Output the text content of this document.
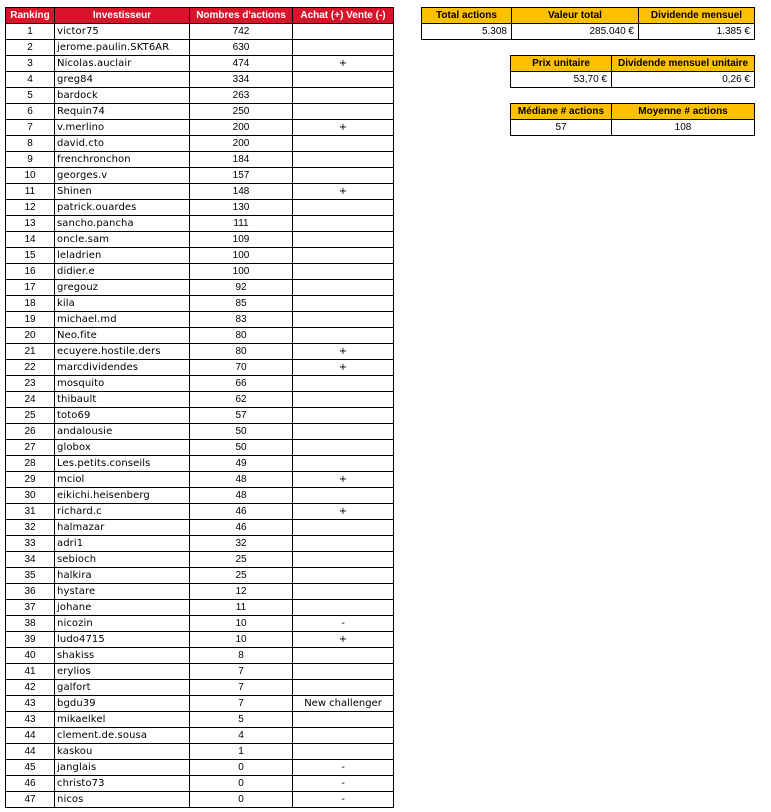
Ranking	Investisseur	Nombres d'actions	Achat (+) Vente (-)
1	victor75	742	
2	jerome.paulin.SKT6AR	630	
3	Nicolas.auclair	474	+
4	greg84	334	
5	bardock	263	
6	Requin74	250	
7	v.merlino	200	+
8	david.cto	200	
9	frenchronchon	184	
10	georges.v	157	
11	Shinen	148	+
12	patrick.ouardes	130	
13	sancho.pancha	111	
14	oncle.sam	109	
15	leladrien	100	
16	didier.e	100	
17	gregouz	92	
18	kila	85	
19	michael.md	83	
20	Neo.fite	80	
21	ecuyere.hostile.ders	80	+
22	marcdividendes	70	+
23	mosquito	66	
24	thibault	62	
25	toto69	57	
26	andalousie	50	
27	globox	50	
28	Les.petits.conseils	49	
29	mciol	48	+
30	eikichi.heisenberg	48	
31	richard.c	46	+
32	halmazar	46	
33	adri1	32	
34	sebioch	25	
35	halkira	25	
36	hystare	12	
37	johane	11	
38	nicozin	10	-
39	ludo4715	10	+
40	shakiss	8	
41	erylios	7	
42	galfort	7	
43	bgdu39	7	New challenger
43	mikaelkel	5	
44	clement.de.sousa	4	
44	kaskou	1	
45	janglais	0	-
46	christo73	0	-
47	nicos	0	-
Total actions	Valeur total	Dividende mensuel
5.308	285.040 €	1.385 €
Prix unitaire	Dividende mensuel unitaire
53,70 €	0,26 €
Médiane # actions	Moyenne # actions
57	108
